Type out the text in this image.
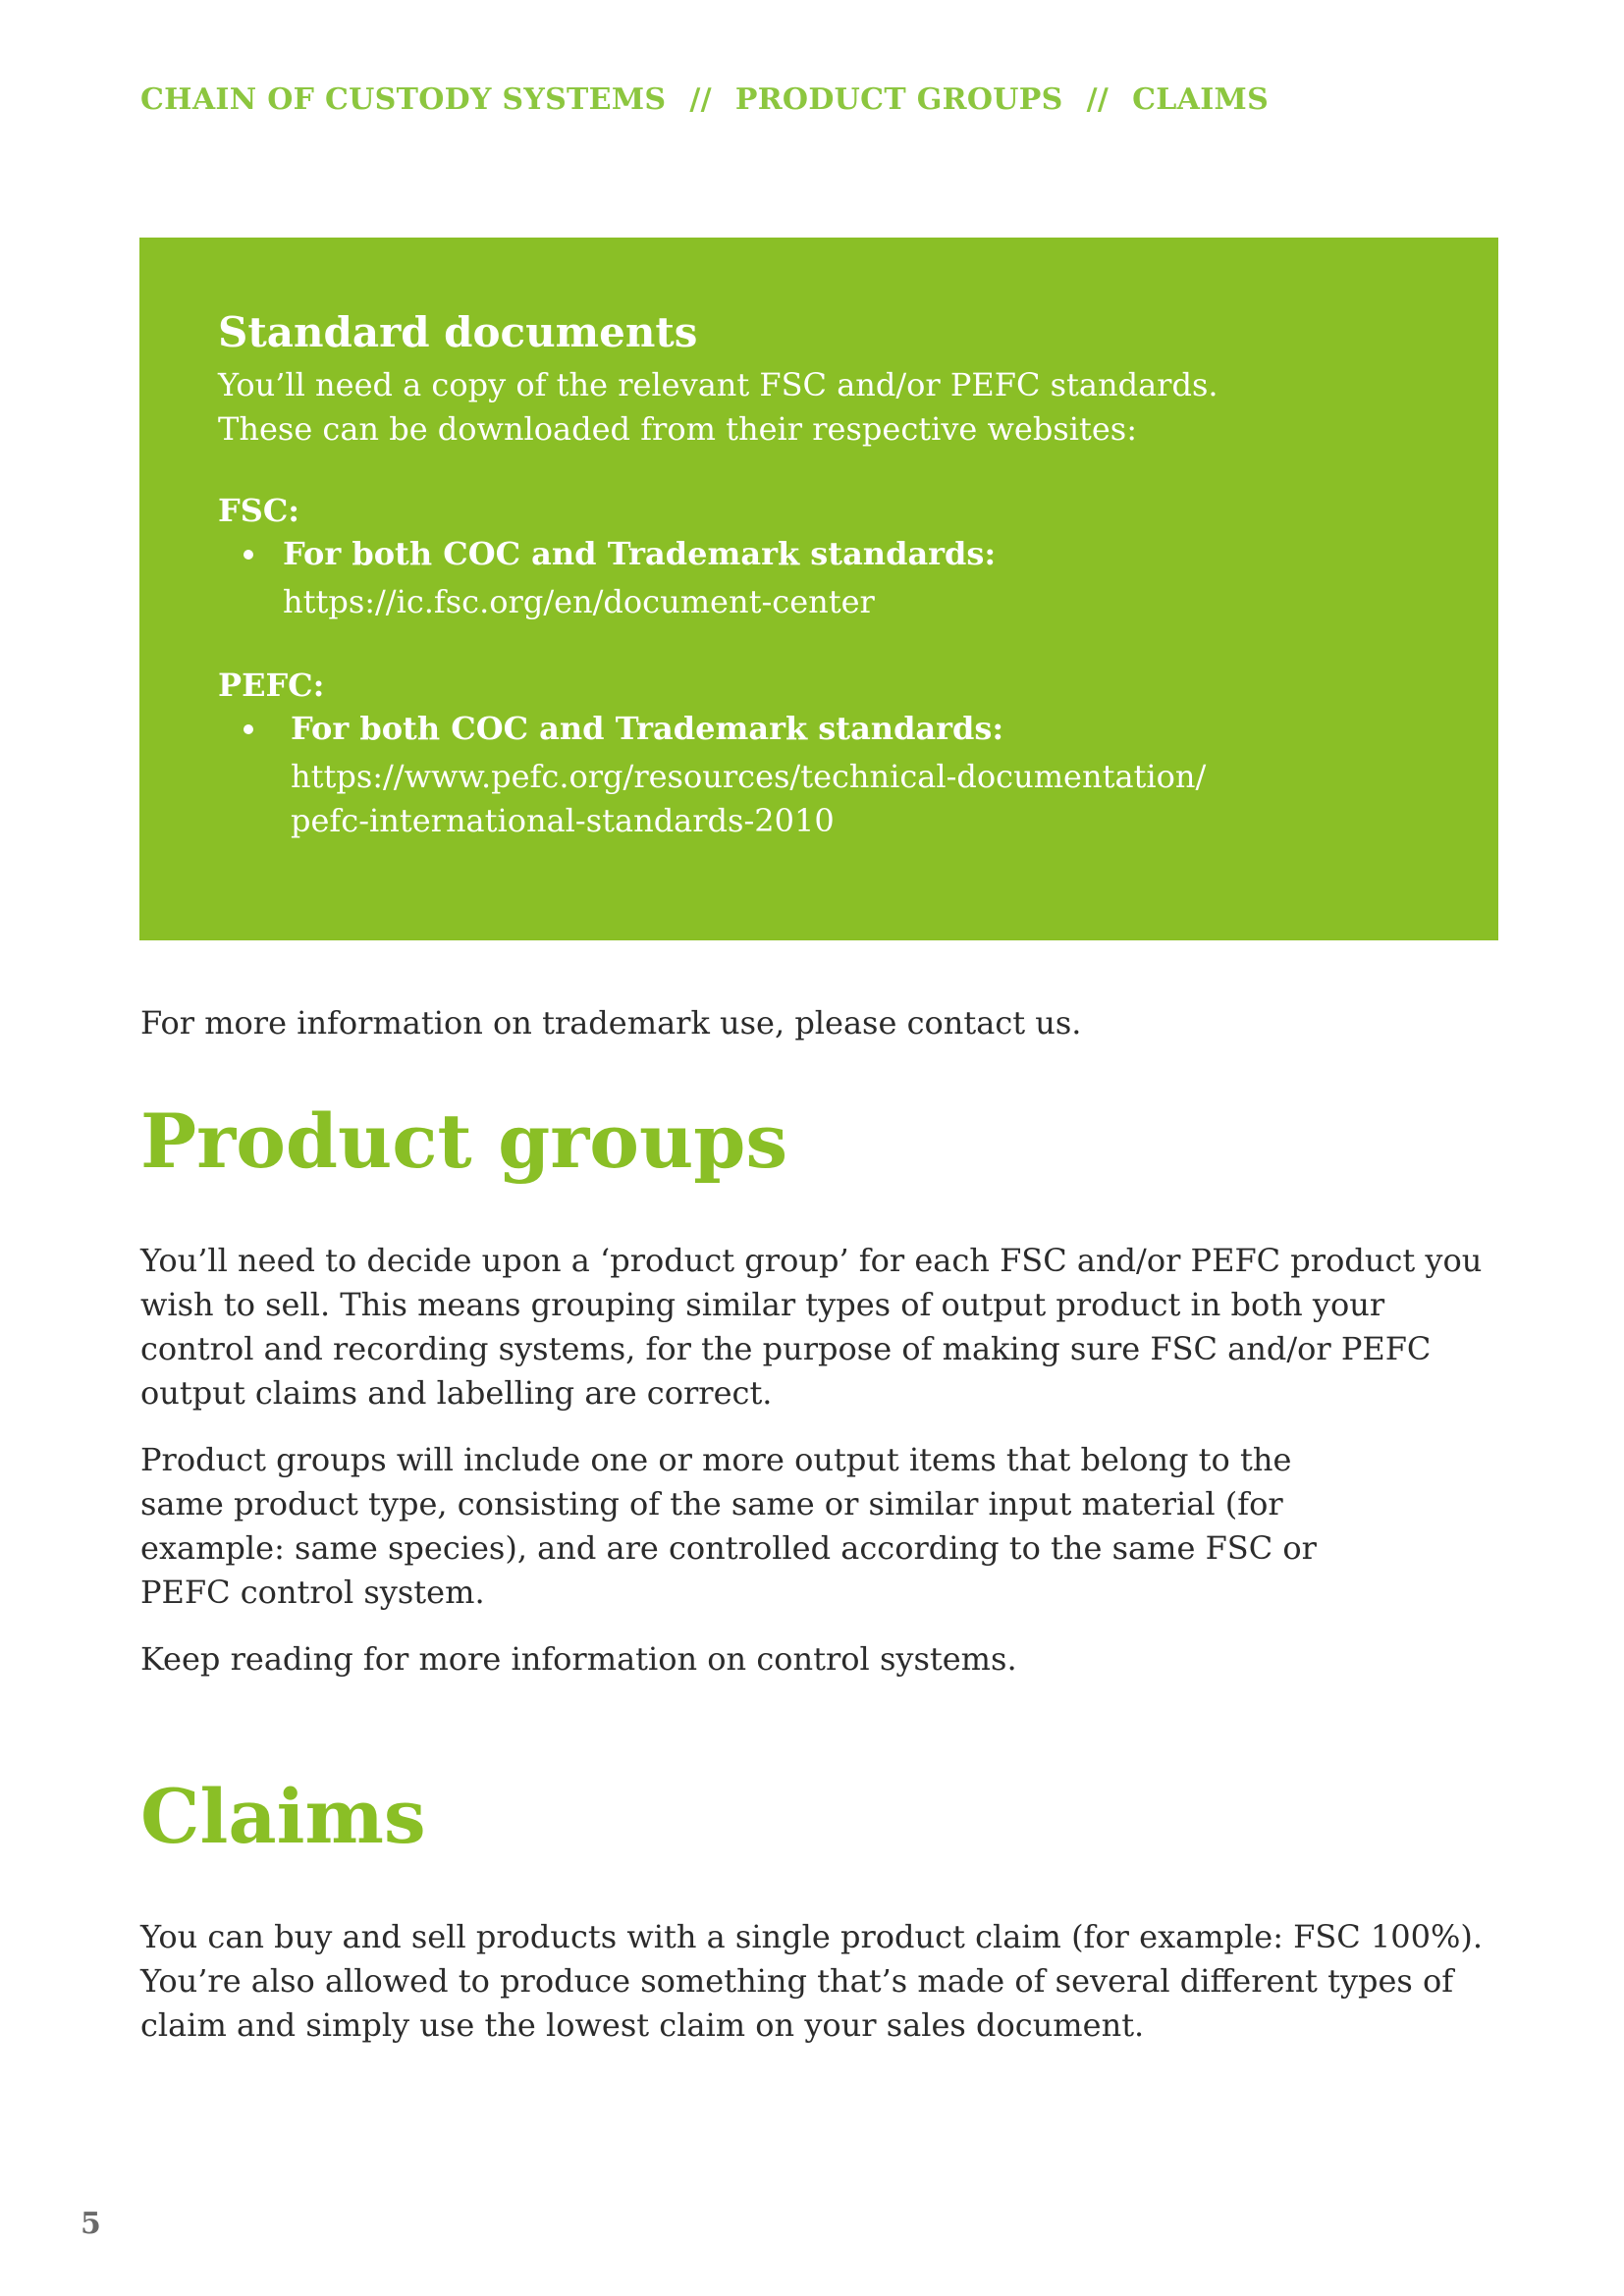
CHAIN OF CUSTODY SYSTEMS // PRODUCT GROUPS // CLAIMS
Standard documents

You’ll need a copy of the relevant FSC and/or PEFC standards.
These can be downloaded from their respective websites:

FSC:

For both COC and Trademark standards:
https://ic.fsc.org/en/document-center

PEFC:

For both COC and Trademark standards:
https://www.pefc.org/resources/technical-documentation/
pefc-international-standards-2010

For more information on trademark use, please contact us.

Product groups

You’ll need to decide upon a ‘product group’ for each FSC and/or PEFC product you wish to sell. This means grouping similar types of output product in both your control and recording systems, for the purpose of making sure FSC and/or PEFC output claims and labelling are correct.

Product groups will include one or more output items that belong to the same product type, consisting of the same or similar input material (for example: same species), and are controlled according to the same FSC or PEFC control system.

Keep reading for more information on control systems.

Claims

You can buy and sell products with a single product claim (for example: FSC 100%). You’re also allowed to produce something that’s made of several different types of claim and simply use the lowest claim on your sales document.

5
